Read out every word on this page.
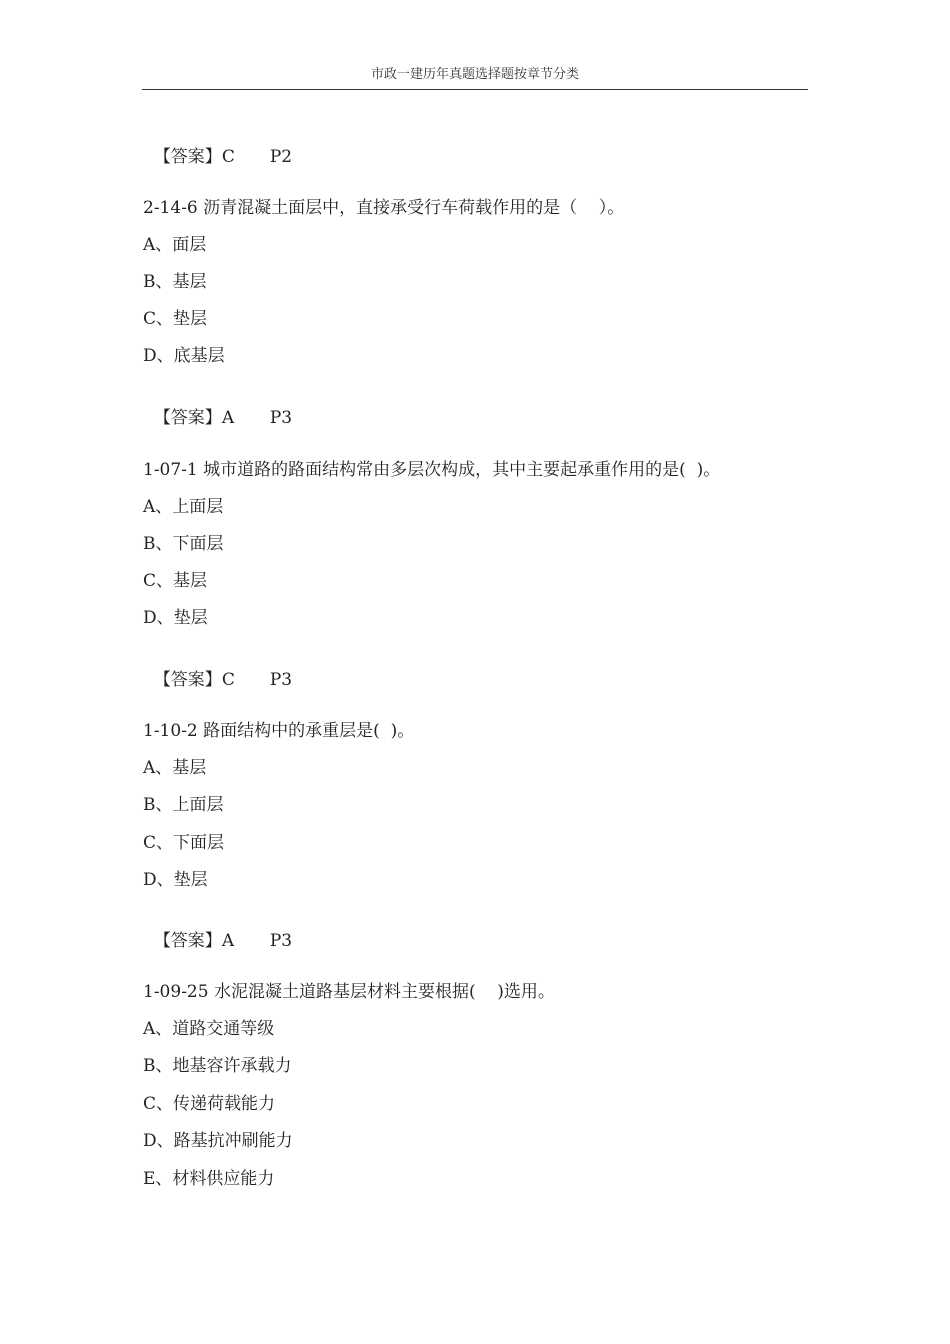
市政一建历年真题选择题按章节分类

【答案】C P2

2-14-6 沥青混凝土面层中，直接承受行车荷载作用的是（    ）。
A、面层
B、基层
C、垫层
D、底基层

【答案】A P3

1-07-1 城市道路的路面结构常由多层次构成，其中主要起承重作用的是(  )。
A、上面层
B、下面层
C、基层
D、垫层

【答案】C P3

1-10-2 路面结构中的承重层是(  )。
A、基层
B、上面层
C、下面层
D、垫层

【答案】A P3

1-09-25 水泥混凝土道路基层材料主要根据(    )选用。
A、道路交通等级
B、地基容许承载力
C、传递荷载能力
D、路基抗冲刷能力
E、材料供应能力
